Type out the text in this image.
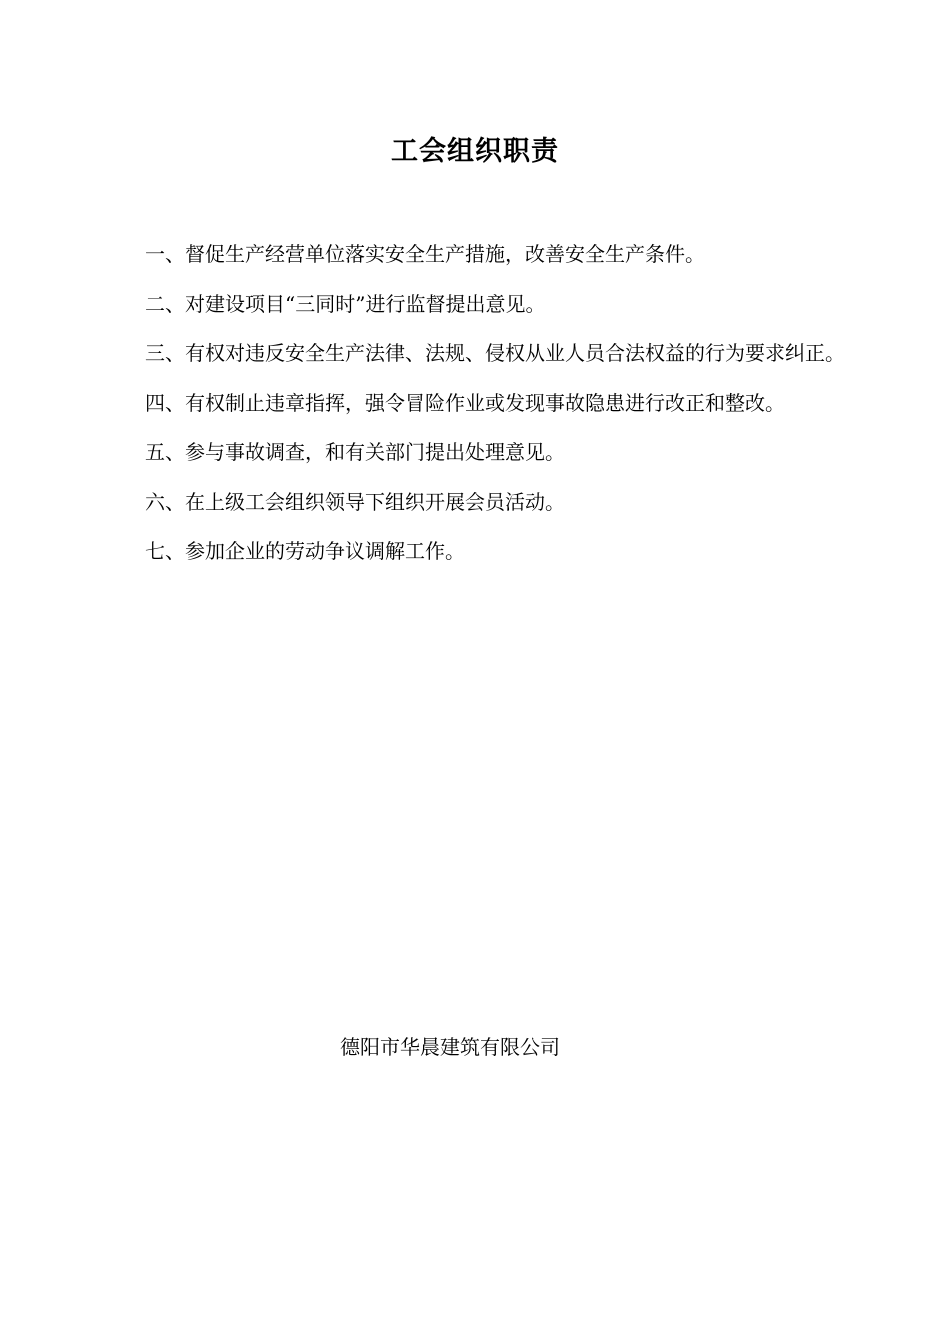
工会组织职责
一、 督促生产经营单位落实安全生产措施，改善安全生产条件。
二、 对建设项目“三同时”进行监督提出意见。
三、 有权对违反安全生产法律、法规、侵权从业人员合法权益的行为要求纠正。
四、 有权制止违章指挥，强令冒险作业或发现事故隐患进行改正和整改。
五、 参与事故调查，和有关部门提出处理意见。
六、 在上级工会组织领导下组织开展会员活动。
七、 参加企业的劳动争议调解工作。
德阳市华晨建筑有限公司
